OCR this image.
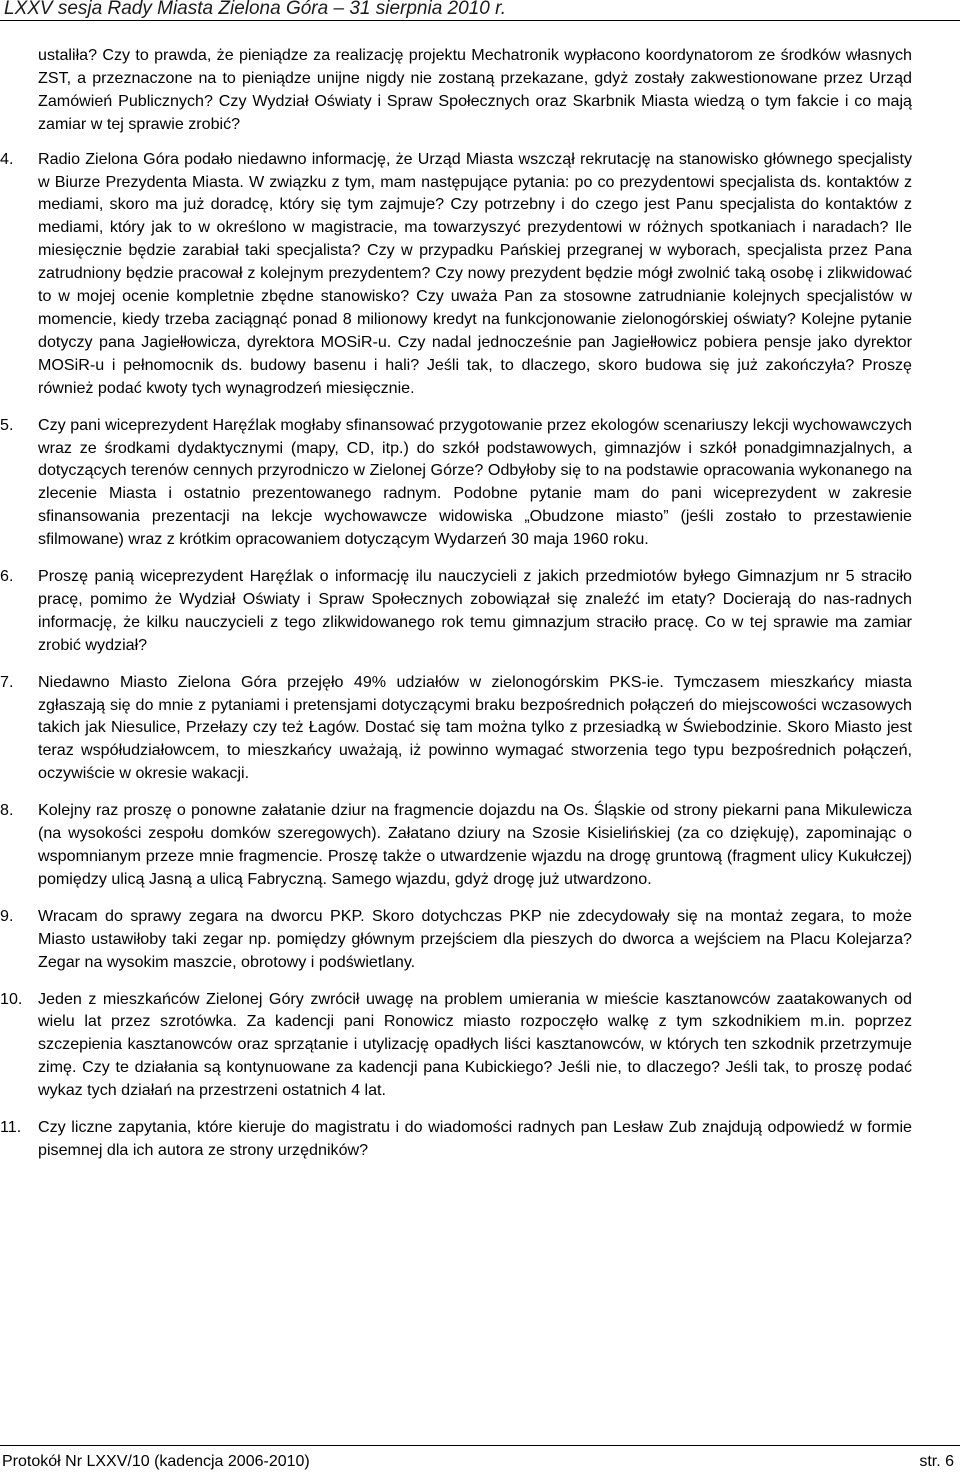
LXXV sesja Rady Miasta Zielona Góra – 31 sierpnia 2010 r.

ustaliła? Czy to prawda, że pieniądze za realizację projektu Mechatronik wypłacono koordynatorom ze środków własnych ZST, a przeznaczone na to pieniądze unijne nigdy nie zostaną przekazane, gdyż zostały zakwestionowane przez Urząd Zamówień Publicznych? Czy Wydział Oświaty i Spraw Społecznych oraz Skarbnik Miasta wiedzą o tym fakcie i co mają zamiar w tej sprawie zrobić?

4. Radio Zielona Góra podało niedawno informację, że Urząd Miasta wszczął rekrutację na stanowisko głównego specjalisty w Biurze Prezydenta Miasta. W związku z tym, mam następujące pytania: po co prezydentowi specjalista ds. kontaktów z mediami, skoro ma już doradcę, który się tym zajmuje? Czy potrzebny i do czego jest Panu specjalista do kontaktów z mediami, który jak to w określono w magistracie, ma towarzyszyć prezydentowi w różnych spotkaniach i naradach? Ile miesięcznie będzie zarabiał taki specjalista? Czy w przypadku Pańskiej przegranej w wyborach, specjalista przez Pana zatrudniony będzie pracował z kolejnym prezydentem? Czy nowy prezydent będzie mógł zwolnić taką osobę i zlikwidować to w mojej ocenie kompletnie zbędne stanowisko? Czy uważa Pan za stosowne zatrudnianie kolejnych specjalistów w momencie, kiedy trzeba zaciągnąć ponad 8 milionowy kredyt na funkcjonowanie zielonogórskiej oświaty? Kolejne pytanie dotyczy pana Jagiełłowicza, dyrektora MOSiR-u. Czy nadal jednocześnie pan Jagiełłowicz pobiera pensje jako dyrektor MOSiR-u i pełnomocnik ds. budowy basenu i hali? Jeśli tak, to dlaczego, skoro budowa się już zakończyła? Proszę również podać kwoty tych wynagrodzeń miesięcznie.
5. Czy pani wiceprezydent Haręźlak mogłaby sfinansować przygotowanie przez ekologów scenariuszy lekcji wychowawczych wraz ze środkami dydaktycznymi (mapy, CD, itp.) do szkół podstawowych, gimnazjów i szkół ponadgimnazjalnych, a dotyczących terenów cennych przyrodniczo w Zielonej Górze? Odbyłoby się to na podstawie opracowania wykonanego na zlecenie Miasta i ostatnio prezentowanego radnym. Podobne pytanie mam do pani wiceprezydent w zakresie sfinansowania prezentacji na lekcje wychowawcze widowiska „Obudzone miasto” (jeśli zostało to przestawienie sfilmowane) wraz z krótkim opracowaniem dotyczącym Wydarzeń 30 maja 1960 roku.
6. Proszę panią wiceprezydent Haręźlak o informację ilu nauczycieli z jakich przedmiotów byłego Gimnazjum nr 5 straciło pracę, pomimo że Wydział Oświaty i Spraw Społecznych zobowiązał się znaleźć im etaty? Docierają do nas-radnych informację, że kilku nauczycieli z tego zlikwidowanego rok temu gimnazjum straciło pracę. Co w tej sprawie ma zamiar zrobić wydział?
7. Niedawno Miasto Zielona Góra przejęło 49% udziałów w zielonogórskim PKS-ie. Tymczasem mieszkańcy miasta zgłaszają się do mnie z pytaniami i pretensjami dotyczącymi braku bezpośrednich połączeń do miejscowości wczasowych takich jak Niesulice, Przełazy czy też Łagów. Dostać się tam można tylko z przesiadką w Świebodzinie. Skoro Miasto jest teraz współudziałowcem, to mieszkańcy uważają, iż powinno wymagać stworzenia tego typu bezpośrednich połączeń, oczywiście w okresie wakacji.
8. Kolejny raz proszę o ponowne załatanie dziur na fragmencie dojazdu na Os. Śląskie od strony piekarni pana Mikulewicza (na wysokości zespołu domków szeregowych). Załatano dziury na Szosie Kisielińskiej (za co dziękuję), zapominając o wspomnianym przeze mnie fragmencie. Proszę także o utwardzenie wjazdu na drogę gruntową (fragment ulicy Kukułczej) pomiędzy ulicą Jasną a ulicą Fabryczną. Samego wjazdu, gdyż drogę już utwardzono.
9. Wracam do sprawy zegara na dworcu PKP. Skoro dotychczas PKP nie zdecydowały się na montaż zegara, to może Miasto ustawiłoby taki zegar np. pomiędzy głównym przejściem dla pieszych do dworca a wejściem na Placu Kolejarza? Zegar na wysokim maszcie, obrotowy i podświetlany.
10. Jeden z mieszkańców Zielonej Góry zwrócił uwagę na problem umierania w mieście kasztanowców zaatakowanych od wielu lat przez szrotówka. Za kadencji pani Ronowicz miasto rozpoczęło walkę z tym szkodnikiem m.in. poprzez szczepienia kasztanowców oraz sprzątanie i utylizację opadłych liści kasztanowców, w których ten szkodnik przetrzymuje zimę. Czy te działania są kontynuowane za kadencji pana Kubickiego? Jeśli nie, to dlaczego? Jeśli tak, to proszę podać wykaz tych działań na przestrzeni ostatnich 4 lat.
11. Czy liczne zapytania, które kieruje do magistratu i do wiadomości radnych pan Lesław Zub znajdują odpowiedź w formie pisemnej dla ich autora ze strony urzędników?
Protokół Nr LXXV/10 (kadencja 2006-2010)	str. 6
